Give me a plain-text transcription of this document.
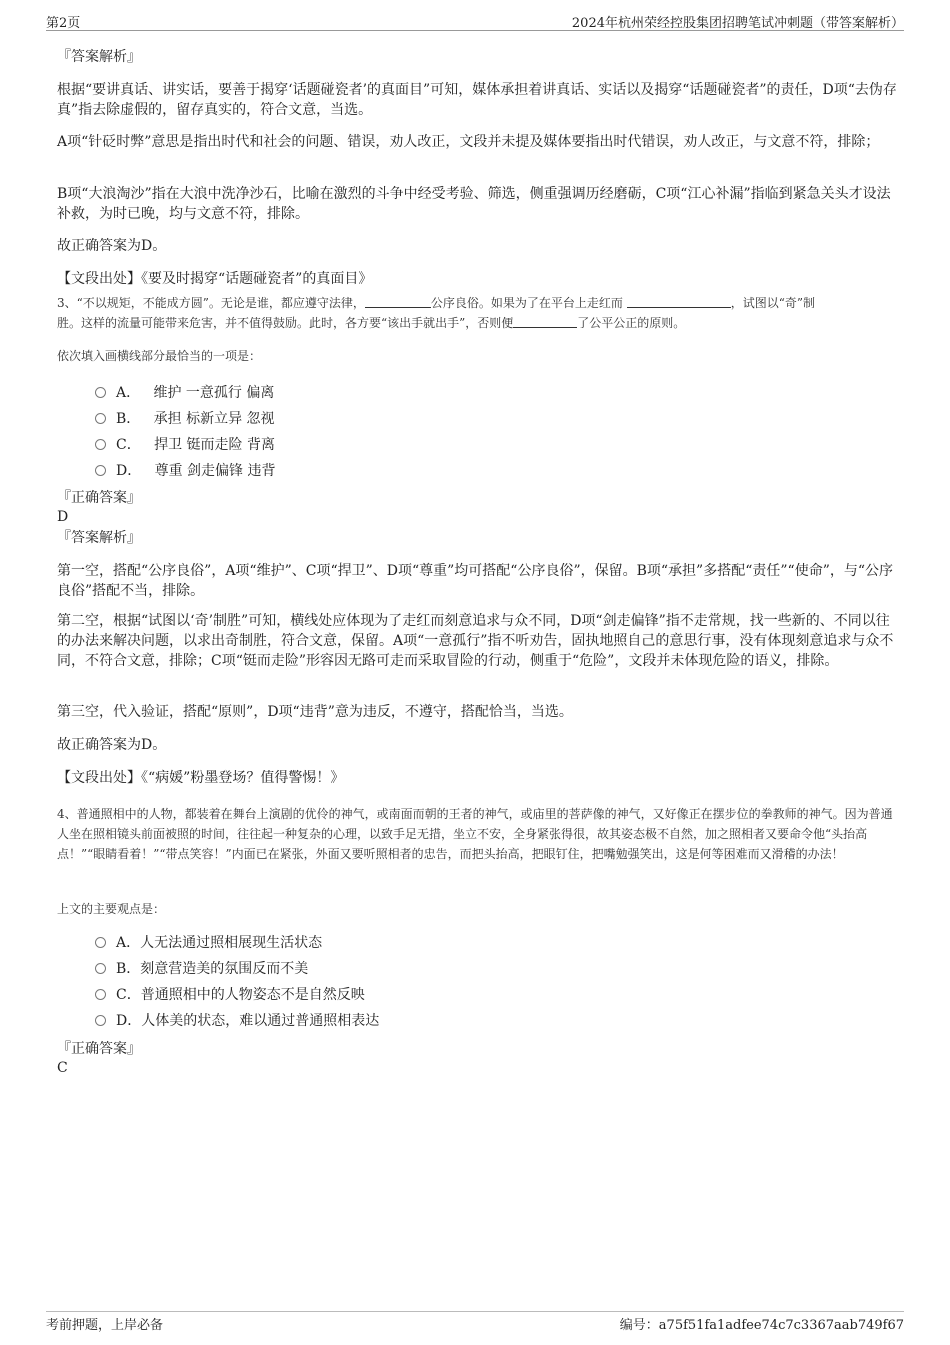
第2页	2024年杭州荣经控股集团招聘笔试冲刺题（带答案解析）
『答案解析』
根据“要讲真话、讲实话，要善于揭穿‘话题碰瓷者’的真面目”可知，媒体承担着讲真话、实话以及揭穿“话题碰瓷者”的责任，D项“去伪存真”指去除虚假的，留存真实的，符合文意，当选。
A项“针砭时弊”意思是指出时代和社会的问题、错误，劝人改正，文段并未提及媒体要指出时代错误，劝人改正，与文意不符，排除；
B项“大浪淘沙”指在大浪中洗净沙石，比喻在激烈的斗争中经受考验、筛选，侧重强调历经磨砺，C项“江心补漏”指临到紧急关头才设法补救，为时已晚，均与文意不符，排除。
故正确答案为D。
【文段出处】《要及时揭穿“话题碰瓷者”的真面目》
3、“不以规矩，不能成方圆”。无论是谁，都应遵守法律，	公序良俗。如果为了在平台上走红而	，试图以“奇”制
胜。这样的流量可能带来危害，并不值得鼓励。此时，各方要“该出手就出手”，否则便	了公平公正的原则。
依次填入画横线部分最恰当的一项是：
A． 维护 一意孤行 偏离
B． 承担 标新立异 忽视
C． 捍卫 铤而走险 背离
D． 尊重 剑走偏锋 违背
『正确答案』
D
『答案解析』
第一空，搭配“公序良俗”，A项“维护”、C项“捍卫”、D项“尊重”均可搭配“公序良俗”，保留。B项“承担”多搭配“责任”“使命”，与“公序良俗”搭配不当，排除。
第二空，根据“试图以‘奇’制胜”可知，横线处应体现为了走红而刻意追求与众不同，D项“剑走偏锋”指不走常规，找一些新的、不同以往的办法来解决问题，以求出奇制胜，符合文意，保留。A项“一意孤行”指不听劝告，固执地照自己的意思行事，没有体现刻意追求与众不同，不符合文意，排除；C项“铤而走险”形容因无路可走而采取冒险的行动，侧重于“危险”，文段并未体现危险的语义，排除。
第三空，代入验证，搭配“原则”，D项“违背”意为违反，不遵守，搭配恰当，当选。
故正确答案为D。
【文段出处】《“病媛”粉墨登场？值得警惕！》
4、普通照相中的人物，都装着在舞台上演剧的优伶的神气，或南面而朝的王者的神气，或庙里的菩萨像的神气，又好像正在摆步位的拳教师的神气。因为普通人坐在照相镜头前面被照的时间，往往起一种复杂的心理，以致手足无措，坐立不安，全身紧张得很，故其姿态极不自然，加之照相者又要命令他“头抬高点！”“眼睛看着！”“带点笑容！”内面已在紧张，外面又要听照相者的忠告，而把头抬高，把眼钉住，把嘴勉强笑出，这是何等困难而又滑稽的办法！
上文的主要观点是：
A．人无法通过照相展现生活状态
B．刻意营造美的氛围反而不美
C．普通照相中的人物姿态不是自然反映
D．人体美的状态，难以通过普通照相表达
『正确答案』
C
考前押题，上岸必备	编号：a75f51fa1adfee74c7c3367aab749f67
